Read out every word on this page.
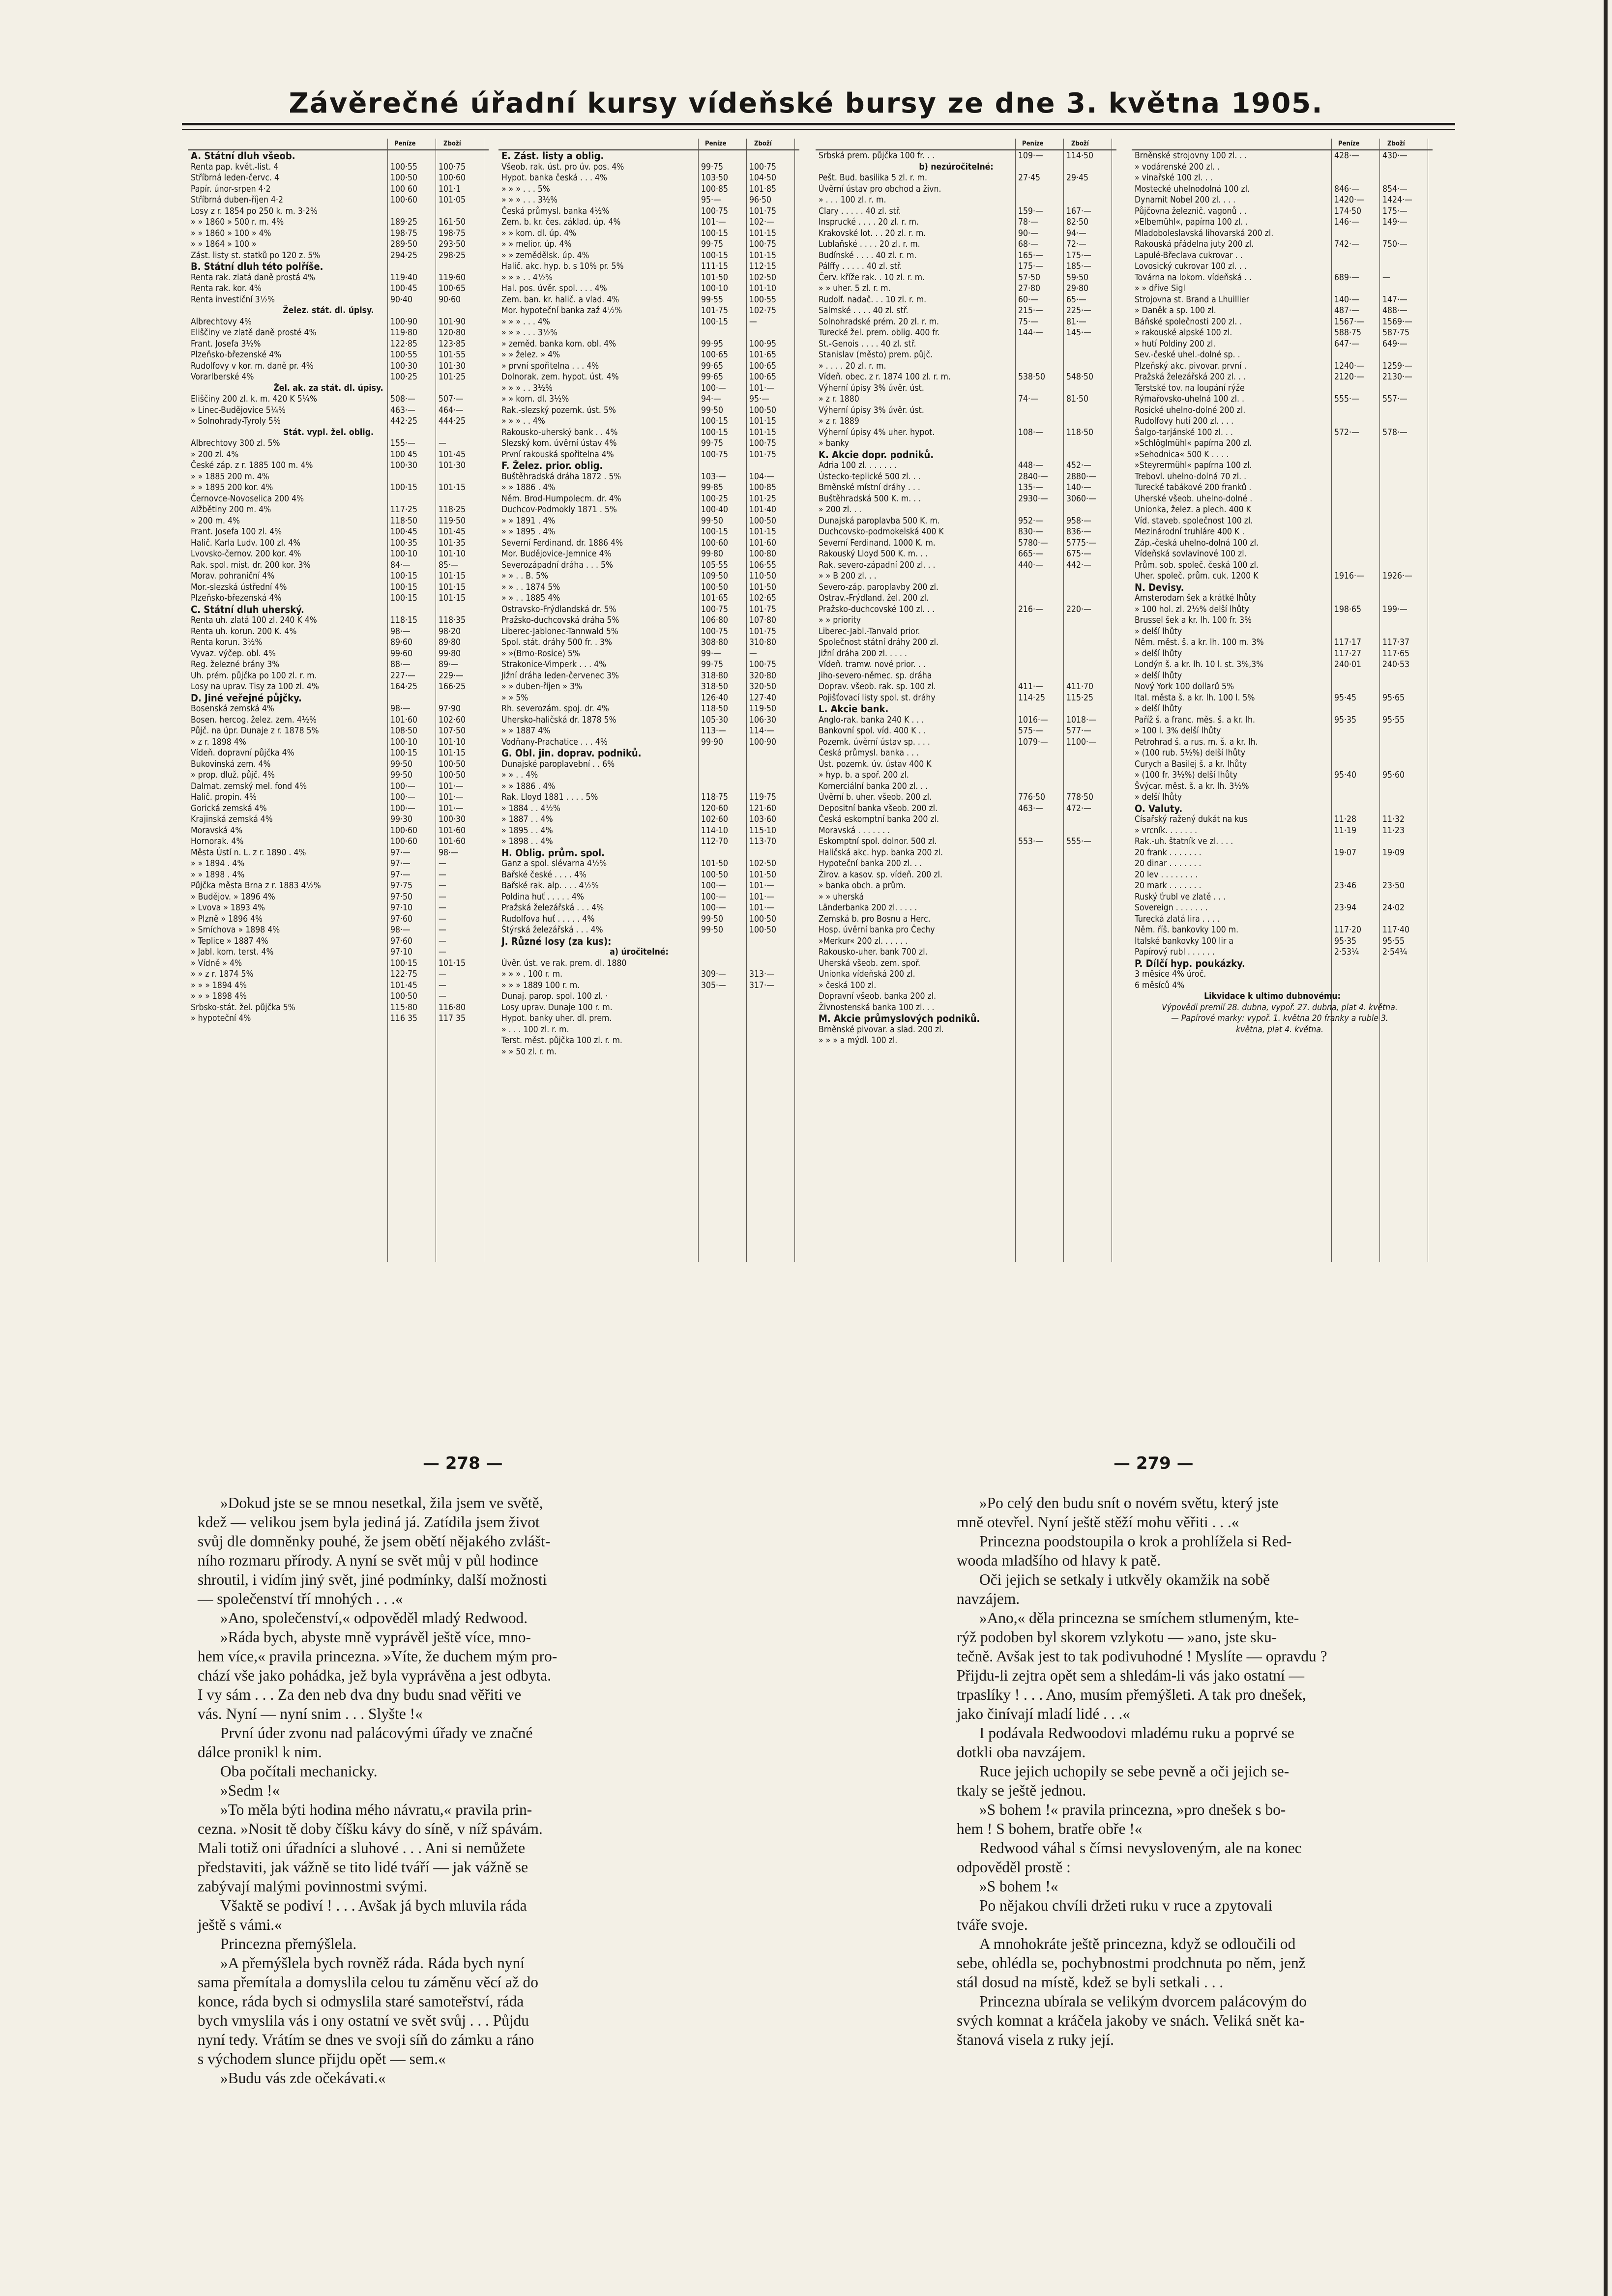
Závěrečné úřadní kursy vídeňské bursy ze dne 3. května 1905.
Peníze	Zboží
A. Státní dluh všeob.
Renta pap. květ.-list. 4	100·55	100·75
Stříbrná leden-červc. 4	100·50	100·60
Papír. únor-srpen 4·2	100 60	101·1
Stříbrná duben-říjen 4·2	100·60	101·05
Losy z r. 1854 po 250 k. m. 3·2%
» » 1860 » 500 r. m. 4%	189·25	161·50
» » 1860 » 100 » 4%	198·75	198·75
» » 1864 » 100 »	289·50	293·50
Zást. listy st. statků po 120 z. 5%	294·25	298·25
B. Státní dluh této polříše.
Renta rak. zlatá daně prostá 4%	119·40	119·60
Renta rak. kor. 4%	100·45	100·65
Renta investiční 3½%	90·40	90·60
Želez. stát. dl. úpisy.
Albrechtovy 4%	100·90	101·90
Eliščiny ve zlatě daně prosté 4%	119·80	120·80
Frant. Josefa 3½%	122·85	123·85
Plzeňsko-březenské 4%	100·55	101·55
Rudolfovy v kor. m. daně pr. 4%	100·30	101·30
Vorarlberské 4%	100·25	101·25
Žel. ak. za stát. dl. úpisy.
Eliščiny 200 zl. k. m. 420 K 5¼%	508·—	507·—
» Linec-Budějovice 5¼%	463·—	464·—
» Solnohrady-Tyroly 5%	442·25	444·25
Stát. vypl. žel. oblig.
Albrechtovy 300 zl. 5%	155·—	—
» 200 zl. 4%	100 45	101·45
České záp. z r. 1885 100 m. 4%	100·30	101·30
» » 1885 200 m. 4%
» » 1895 200 kor. 4%	100·15	101·15
Černovce-Novoselica 200 4%
Alžbětiny 200 m. 4%	117·25	118·25
» 200 m. 4%	118·50	119·50
Frant. Josefa 100 zl. 4%	100·45	101·45
Halič. Karla Ludv. 100 zl. 4%	100·35	101·35
Lvovsko-černov. 200 kor. 4%	100·10	101·10
Rak. spol. mist. dr. 200 kor. 3%	84·—	85·—
Morav. pohraniční 4%	100·15	101·15
Mor.-slezská ústřední 4%	100·15	101·15
Plzeňsko-březenská 4%	100·15	101·15
C. Státní dluh uherský.
Renta uh. zlatá 100 zl. 240 K 4%	118·15	118·35
Renta uh. korun. 200 K. 4%	98·—	98·20
Renta korun. 3½%	89·60	89·80
Vyvaz. výčep. obl. 4%	99·60	99·80
Reg. železné brány 3%	88·—	89·—
Uh. prém. půjčka po 100 zl. r. m.	227·—	229·—
Losy na uprav. Tisy za 100 zl. 4%	164·25	166·25
D. Jiné veřejné půjčky.
Bosenská zemská 4%	98·—	97·90
Bosen. hercog. želez. zem. 4½%	101·60	102·60
Půjč. na úpr. Dunaje z r. 1878 5%	108·50	107·50
» z r. 1898 4%	100·10	101·10
Vídeň. dopravní půjčka 4%	100·15	101·15
Bukovinská zem. 4%	99·50	100·50
» prop. dluž. půjč. 4%	99·50	100·50
Dalmat. zemský mel. fond 4%	100·—	101·—
Halič. propin. 4%	100·—	101·—
Gorická zemská 4%	100·—	101·—
Krajinská zemská 4%	99·30	100·30
Moravská 4%	100·60	101·60
Hornorak. 4%	100·60	101·60
Města Ústí n. L. z r. 1890 . 4%	97·—	98·—
» » 1894 . 4%	97·—	—
» » 1898 . 4%	97·—	—
Půjčka města Brna z r. 1883 4½%	97·75	—
» Budějov. » 1896 4%	97·50	—
» Lvova » 1893 4%	97·10	—
» Plzně » 1896 4%	97·60	—
» Smíchova » 1898 4%	98·—	—
» Teplice » 1887 4%	97·60	—
» Jabl. kom. terst. 4%	97·10	—
» Vídně » 4%	100·15	101·15
» » z r. 1874 5%	122·75	—
» » » 1894 4%	101·45	—
» » » 1898 4%	100·50	—
Srbsko-stát. žel. půjčka 5%	115·80	116·80
» hypoteční 4%	116 35	117 35
Peníze	Zboží
E. Zást. listy a oblig.
Všeob. rak. úst. pro úv. pos. 4%	99·75	100·75
Hypot. banka česká . . . 4%	103·50	104·50
» » » . . . 5%	100·85	101·85
» » » . . . 3½%	95·—	96·50
Česká průmysl. banka 4½%	100·75	101·75
Zem. b. kr. čes. základ. úp. 4%	101·—	102·—
» » kom. dl. úp. 4%	100·15	101·15
» » melior. úp. 4%	99·75	100·75
» » zemědělsk. úp. 4%	100·15	101·15
Halič. akc. hyp. b. s 10% pr. 5%	111·15	112·15
» » » . . 4½%	101·50	102·50
Hal. pos. úvěr. spol. . . . 4%	100·10	101·10
Zem. ban. kr. halič. a vlad. 4%	99·55	100·55
Mor. hypoteční banka zaž 4½%	101·75	102·75
» » » . . . 4%	100·15	—
» » » . . . 3½%
» zeměd. banka kom. obl. 4%	99·95	100·95
» » želez. » 4%	100·65	101·65
» první spořitelna . . . 4%	99·65	100·65
Dolnorak. zem. hypot. úst. 4%	99·65	100·65
» » » . . 3½%	100·—	101·—
» » kom. dl. 3½%	94·—	95·—
Rak.-slezský pozemk. úst. 5%	99·50	100·50
» » » . . 4%	100·15	101·15
Rakousko-uherský bank . . 4%	100·15	101·15
Slezský kom. úvěrní ústav 4%	99·75	100·75
První rakouská spořitelna 4%	100·75	101·75
F. Želez. prior. oblig.
Buštěhradská dráha 1872 . 5%	103·—	104·—
» » 1886 . 4%	99·85	100·85
Něm. Brod-Humpolecm. dr. 4%	100·25	101·25
Duchcov-Podmokly 1871 . 5%	100·40	101·40
» » 1891 . 4%	99·50	100·50
» » 1895 . 4%	100·15	101·15
Severní Ferdinand. dr. 1886 4%	100·60	101·60
Mor. Budějovice-Jemnice 4%	99·80	100·80
Severozápadní dráha . . . 5%	105·55	106·55
» » . . B. 5%	109·50	110·50
» » . . 1874 5%	100·50	101·50
» » . . 1885 4%	101·65	102·65
Ostravsko-Frýdlandská dr. 5%	100·75	101·75
Pražsko-duchcovská dráha 5%	106·80	107·80
Liberec-Jablonec-Tannwald 5%	100·75	101·75
Spol. stát. dráhy 500 fr. . 3%	308·80	310·80
» »(Brno-Rosice) 5%	99·—	—
Strakonice-Vimperk . . . 4%	99·75	100·75
Jižní dráha leden-červenec 3%	318·80	320·80
» » duben-říjen » 3%	318·50	320·50
» » 5%	126·40	127·40
Rh. severozám. spoj. dr. 4%	118·50	119·50
Uhersko-haličská dr. 1878 5%	105·30	106·30
» » 1887 4%	113·—	114·—
Vodňany-Prachatice . . . 4%	99·90	100·90
G. Obl. jin. doprav. podniků.
Dunajské paroplavební . . 6%
» » . . 4%
» » 1886 . 4%
Rak. Lloyd 1881 . . . . 5%	118·75	119·75
» 1884 . . 4½%	120·60	121·60
» 1887 . . 4%	102·60	103·60
» 1895 . . 4%	114·10	115·10
» 1898 . . 4%	112·70	113·70
H. Oblig. prům. spol.
Ganz a spol. slévarna 4½%	101·50	102·50
Bařské české . . . . 4%	100·50	101·50
Bařské rak. alp. . . . 4½%	100·—	101·—
Poldina huť . . . . . 4%	100·—	101·—
Pražská železářská . . . 4%	100·—	101·—
Rudolfova huť . . . . . 4%	99·50	100·50
Štýrská železářská . . . 4%	99·50	100·50
J. Různé losy (za kus):
a) úročitelné:
Úvěr. úst. ve rak. prem. dl. 1880
» » » . 100 r. m.	309·—	313·—
» » » 1889 100 r. m.	305·—	317·—
Dunaj. parop. spol. 100 zl. ·
Losy uprav. Dunaje 100 r. m.
Hypot. banky uher. dl. prem.
» . . . 100 zl. r. m.
Terst. měst. půjčka 100 zl. r. m.
» » 50 zl. r. m.
Peníze	Zboží
Srbská prem. půjčka 100 fr. . .	109·—	114·50
b) nezúročitelné:
Pešt. Bud. basilika 5 zl. r. m.	27·45	29·45
Úvěrní ústav pro obchod a živn.
» . . . 100 zl. r. m.
Clary . . . . . 40 zl. stř.	159·—	167·—
Insprucké . . . . 20 zl. r. m.	78·—	82·50
Krakovské lot. . . 20 zl. r. m.	90·—	94·—
Lublaňské . . . . 20 zl. r. m.	68·—	72·—
Budínské . . . . 40 zl. r. m.	165·—	175·—
Pálffy . . . . . 40 zl. stř.	175·—	185·—
Červ. kříže rak. . 10 zl. r. m.	57·50	59·50
» » uher. 5 zl. r. m.	27·80	29·80
Rudolf. nadač. . . 10 zl. r. m.	60·—	65·—
Salmské . . . . 40 zl. stř.	215·—	225·—
Solnohradské prém. 20 zl. r. m.	75·—	81·—
Turecké žel. prem. oblig. 400 fr.	144·—	145·—
St.-Genois . . . . 40 zl. stř.
Stanislav (město) prem. půjč.
» . . . . 20 zl. r. m.
Vídeň. obec. z r. 1874 100 zl. r. m.	538·50	548·50
Výherní úpisy 3% úvěr. úst.
» z r. 1880	74·—	81·50
Výherní úpisy 3% úvěr. úst.
» z r. 1889
Výherní úpisy 4% uher. hypot.	108·—	118·50
» banky
K. Akcie dopr. podniků.
Adria 100 zl. . . . . . .	448·—	452·—
Ústecko-teplické 500 zl. . .	2840·—	2880·—
Brněnské místní dráhy . . .	135·—	140·—
Buštěhradská 500 K. m. . .	2930·—	3060·—
» 200 zl. . .
Dunajská paroplavba 500 K. m.	952·—	958·—
Duchcovsko-podmokelská 400 K	830·—	836·—
Severní Ferdinand. 1000 K. m.	5780·—	5775·—
Rakouský Lloyd 500 K. m. . .	665·—	675·—
Rak. severo-západní 200 zl. . .	440·—	442·—
» » B 200 zl. . .
Severo-záp. paroplavby 200 zl.
Ostrav.-Frýdland. žel. 200 zl.
Pražsko-duchcovské 100 zl. . .	216·—	220·—
» » priority
Liberec-Jabl.-Tanvald prior.
Společnost státní dráhy 200 zl.
Jižní dráha 200 zl. . . . .
Vídeň. tramw. nové prior. . .
Jiho-severo-němec. sp. dráha
Doprav. všeob. rak. sp. 100 zl.	411·—	411·70
Pojišťovací listy spol. st. dráhy	114·25	115·25
L. Akcie bank.
Anglo-rak. banka 240 K . . .	1016·—	1018·—
Bankovní spol. víd. 400 K . .	575·—	577·—
Pozemk. úvěrní ústav sp. . . .	1079·—	1100·—
Česká průmysl. banka . . .
Úst. pozemk. úv. ústav 400 K
» hyp. b. a spoř. 200 zl.
Komerciální banka 200 zl. . .
Úvěrní b. uher. všeob. 200 zl.	776·50	778·50
Depositní banka všeob. 200 zl.	463·—	472·—
Česká eskomptní banka 200 zl.
Moravská . . . . . . .
Eskomptní spol. dolnor. 500 zl.	553·—	555·—
Haličská akc. hyp. banka 200 zl.
Hypoteční banka 200 zl. . .
Žirov. a kasov. sp. vídeň. 200 zl.
» banka obch. a prům.
» » uherská
Länderbanka 200 zl. . . . .
Zemská b. pro Bosnu a Herc.
Hosp. úvěrní banka pro Čechy
»Merkur« 200 zl. . . . . .
Rakousko-uher. bank 700 zl.
Uherská všeob. zem. spoř.
Unionka vídeňská 200 zl.
» česká 100 zl.
Dopravní všeob. banka 200 zl.
Živnostenská banka 100 zl. . .
M. Akcie průmyslových podniků.
Brněnské pivovar. a slad. 200 zl.
» » » a mýdl. 100 zl.
Peníze	Zboží
Brněnské strojovny 100 zl. . .	428·—	430·—
» vodárenské 200 zl. .
» vinařské 100 zl. . .
Mostecké uhelnodolná 100 zl.	846·—	854·—
Dynamit Nobel 200 zl. . . .	1420·—	1424·—
Půjčovna železnič. vagonů . .	174·50	175·—
»Elbemühl«, papírna 100 zl. .	146·—	149·—
Mladoboleslavská lihovarská 200 zl.
Rakouská přádelna juty 200 zl.	742·—	750·—
Lapulé-Břeclava cukrovar . .
Lovosický cukrovar 100 zl. . .
Továrna na lokom. vídeňská . .	689·—	—
» » dříve Sigl
Strojovna st. Brand a Lhuillier	140·—	147·—
» Daněk a sp. 100 zl.	487·—	488·—
Báňské společnosti 200 zl. .	1567·—	1569·—
» rakouské alpské 100 zl.	588·75	587·75
» hutí Poldiny 200 zl.	647·—	649·—
Sev.-české uhel.-dolné sp. .
Plzeňský akc. pivovar. první .	1240·—	1259·—
Pražská železářská 200 zl. . .	2120·—	2130·—
Terstské tov. na loupání rýže
Rýmařovsko-uhelná 100 zl. .	555·—	557·—
Rosické uhelno-dolné 200 zl.
Rudolfovy hutí 200 zl. . . .
Šalgo-tarjánské 100 zl. . .	572·—	578·—
»Schlöglmühl« papírna 200 zl.
»Sehodnica« 500 K . . . .
»Steyrermühl« papírna 100 zl.
Trebovl. uhelno-dolná 70 zl. .
Turecké tabákové 200 franků .
Uherské všeob. uhelno-dolné .
Unionka, želez. a plech. 400 K
Víd. staveb. společnost 100 zl.
Mezinárodní truhláre 400 K .
Záp.-česká uhelno-dolná 100 zl.
Vídeňská sovlavinové 100 zl.
Prům. sob. společ. česká 100 zl.
Uher. společ. prům. cuk. 1200 K	1916·—	1926·—
N. Devisy.
Amsterodam šek a krátké lhůty
» 100 hol. zl. 2½% delší lhůty	198·65	199·—
Brussel šek a kr. lh. 100 fr. 3%
» delší lhůty
Něm. měst. š. a kr. lh. 100 m. 3%	117·17	117·37
» delší lhůty	117·27	117·65
Londýn š. a kr. lh. 10 l. st. 3%,3%	240·01	240·53
» delší lhůty
Nový York 100 dollarů 5%
Ital. města š. a kr. lh. 100 l. 5%	95·45	95·65
» delší lhůty
Paříž š. a franc. měs. š. a kr. lh.	95·35	95·55
» 100 l. 3% delší lhůty
Petrohrad š. a rus. m. š. a kr. lh.
» (100 rub. 5½%) delší lhůty
Curych a Basilej š. a kr. lhůty
» (100 fr. 3½%) delší lhůty	95·40	95·60
Švýcar. měst. š. a kr. lh. 3½%
» delší lhůty
O. Valuty.
Císařský ražený dukát na kus	11·28	11·32
» vrcník. . . . . . .	11·19	11·23
Rak.-uh. štatník ve zl. . . .
20 frank . . . . . . .	19·07	19·09
20 dinar . . . . . . .
20 lev . . . . . . . .
20 mark . . . . . . .	23·46	23·50
Ruský ťrubl ve zlatě . . .
Sovereign . . . . . . .	23·94	24·02
Turecká zlatá lira . . . .
Něm. říš. bankovky 100 m.	117·20	117·40
Italské bankovky 100 lir a	95·35	95·55
Papírový rubl . . . . . .	2·53¼	2·54¼
P. Dílčí hyp. poukázky.
3 měsíce 4% úroč.
6 měsíců 4%
Likvidace k ultimo dubnovému:
Výpovědi premií 28. dubna, vypoř. 27. dubna, plat 4. května.
— Papírové marky: vypoř. 1. května 20 franky a ruble 3.
května, plat 4. května.
— 278 —	— 279 —

»Dokud jste se se mnou nesetkal, žila jsem ve světě,

kdež — velikou jsem byla jediná já. Zatídila jsem život

svůj dle domněnky pouhé, že jsem obětí nějakého zvlášt-

ního rozmaru přírody. A nyní se svět můj v půl hodince

shroutil, i vidím jiný svět, jiné podmínky, další možnosti

— společenství tří mnohých . . .«

»Ano, společenství,« odpověděl mladý Redwood.

»Ráda bych, abyste mně vyprávěl ještě více, mno-

hem více,« pravila princezna. »Víte, že duchem mým pro-

chází vše jako pohádka, jež byla vyprávěna a jest odbyta.

I vy sám . . . Za den neb dva dny budu snad věřiti ve

vás. Nyní — nyní snim . . . Slyšte !«

První úder zvonu nad palácovými úřady ve značné

dálce pronikl k nim.

Oba počítali mechanicky.

»Sedm !«

»To měla býti hodina mého návratu,« pravila prin-

cezna. »Nosit tě doby číšku kávy do síně, v níž spávám.

Mali totiž oni úřadníci a sluhové . . . Ani si nemůžete

představiti, jak vážně se tito lidé tváří — jak vážně se

zabývají malými povinnostmi svými.

Všaktě se podiví ! . . . Avšak já bych mluvila ráda

ještě s vámi.«

Princezna přemýšlela.

»A přemýšlela bych rovněž ráda. Ráda bych nyní

sama přemítala a domyslila celou tu záměnu věcí až do

konce, ráda bych si odmyslila staré samoteřství, ráda

bych vmyslila vás i ony ostatní ve svět svůj . . . Půjdu

nyní tedy. Vrátím se dnes ve svoji síň do zámku a ráno

s východem slunce přijdu opět — sem.«

»Budu vás zde očekávati.«

»Po celý den budu snít o novém světu, který jste

mně otevřel. Nyní ještě stěží mohu věřiti . . .«

Princezna poodstoupila o krok a prohlížela si Red-

wooda mladšího od hlavy k patě.

Oči jejich se setkaly i utkvěly okamžik na sobě

navzájem.

»Ano,« děla princezna se smíchem stlumeným, kte-

rýž podoben byl skorem vzlykotu — »ano, jste sku-

tečně. Avšak jest to tak podivuhodné ! Myslíte — opravdu ?

Přijdu-li zejtra opět sem a shledám-li vás jako ostatní —

trpaslíky ! . . . Ano, musím přemýšleti. A tak pro dnešek,

jako činívají mladí lidé . . .«

I podávala Redwoodovi mladému ruku a poprvé se

dotkli oba navzájem.

Ruce jejich uchopily se sebe pevně a oči jejich se-

tkaly se ještě jednou.

»S bohem !« pravila princezna, »pro dnešek s bo-

hem ! S bohem, bratře obře !«

Redwood váhal s čímsi nevysloveným, ale na konec

odpověděl prostě :

»S bohem !«

Po nějakou chvíli držeti ruku v ruce a zpytovali

tváře svoje.

A mnohokráte ještě princezna, když se odloučili od

sebe, ohlédla se, pochybnostmi prodchnuta po něm, jenž

stál dosud na místě, kdež se byli setkali . . .

Princezna ubírala se velikým dvorcem palácovým do

svých komnat a kráčela jakoby ve snách. Veliká snět ka-

štanová visela z ruky její.
